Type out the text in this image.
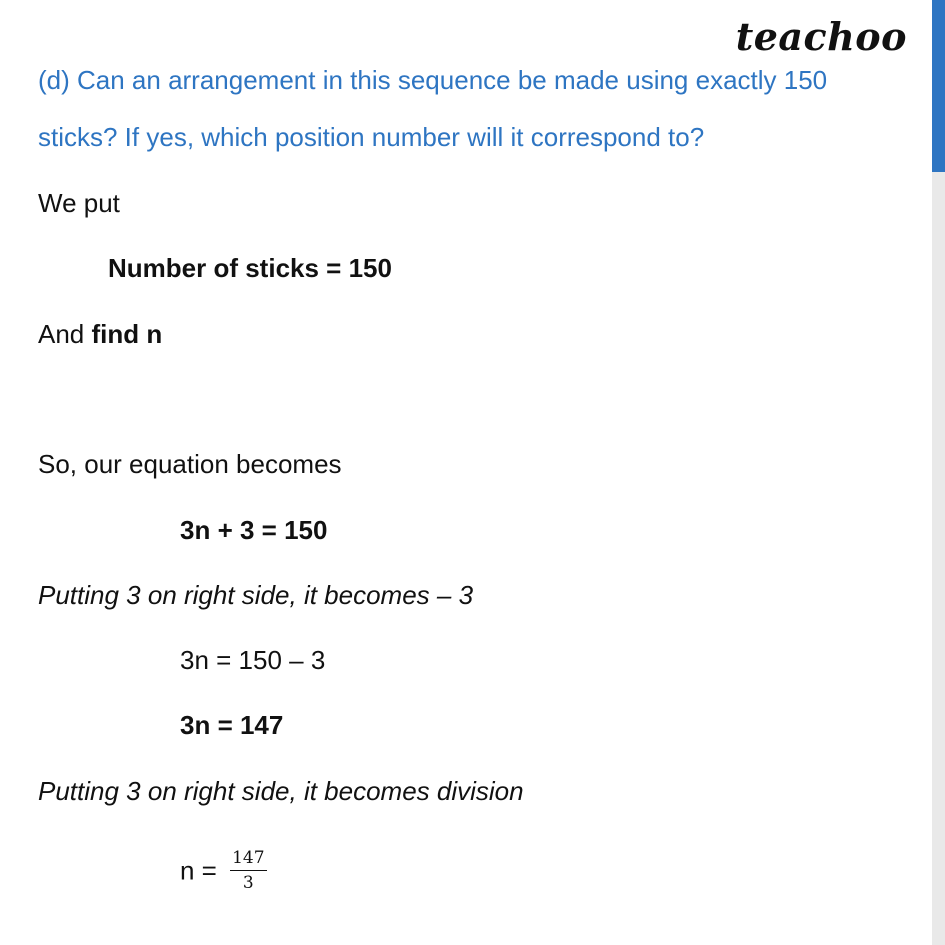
teachoo
(d) Can an arrangement in this sequence be made using exactly 150
sticks? If yes, which position number will it correspond to?
We put
Number of sticks = 150
And find n
So, our equation becomes
3n + 3 = 150
Putting 3 on right side, it becomes – 3
3n = 150 – 3
3n = 147
Putting 3 on right side, it becomes division
$n = \frac{147}{3}$
